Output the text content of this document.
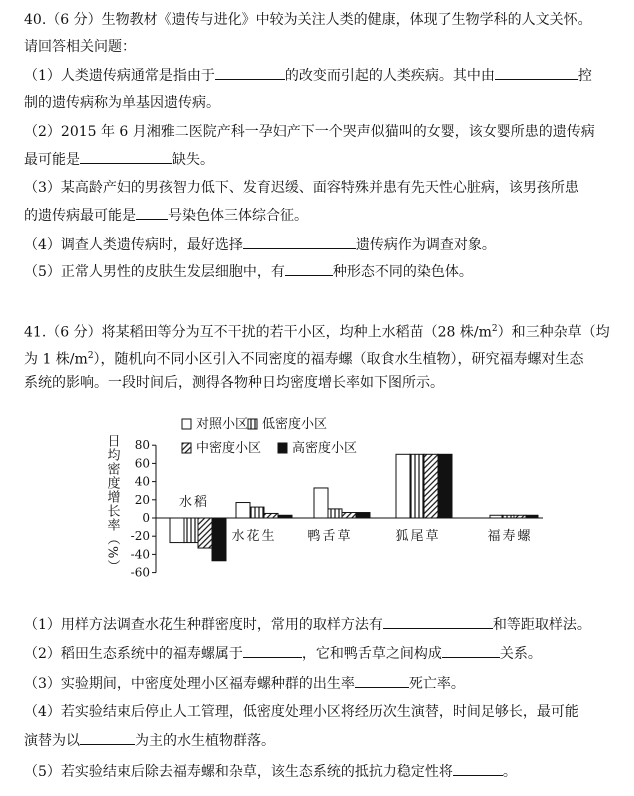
40.（6 分）生物教材《遗传与进化》中较为关注人类的健康，体现了生物学科的人文关怀。
请回答相关问题：
（1）人类遗传病通常是指由于	的改变而引起的人类疾病。其中由	控
制的遗传病称为单基因遗传病。
（2）2015 年 6 月湘雅二医院产科一孕妇产下一个哭声似猫叫的女婴，该女婴所患的遗传病
最可能是	缺失。
（3）某高龄产妇的男孩智力低下、发育迟缓、面容特殊并患有先天性心脏病，该男孩所患
的遗传病最可能是 号染色体三体综合征。
（4）调查人类遗传病时，最好选择	遗传病作为调查对象。
（5）正常人男性的皮肤生发层细胞中，有	种形态不同的染色体。
41.（6 分）将某稻田等分为互不干扰的若干小区，均种上水稻苗（28 株$/m^2$）和三种杂草（均
为 1 株$/m^2$），随机向不同小区引入不同密度的福寿螺（取食水生植物），研究福寿螺对生态
系统的影响。一段时间后，测得各物种日均密度增长率如下图所示。
-60
-40
-20
0
20
40
60
80
日均密度增长率（%）	水稻
水花生 鸭舌草	狐尾草	福寿螺
对照小区 低密度小区
中密度小区 高密度小区
（1）用样方法调查水花生种群密度时，常用的取样方法有	和等距取样法。
（2）稻田生态系统中的福寿螺属于	，它和鸭舌草之间构成	关系。
（3）实验期间，中密度处理小区福寿螺种群的出生率	死亡率。
（4）若实验结束后停止人工管理，低密度处理小区将经历次生演替，时间足够长，最可能
演替为以	为主的水生植物群落。
（5）若实验结束后除去福寿螺和杂草，该生态系统的抵抗力稳定性将	。
